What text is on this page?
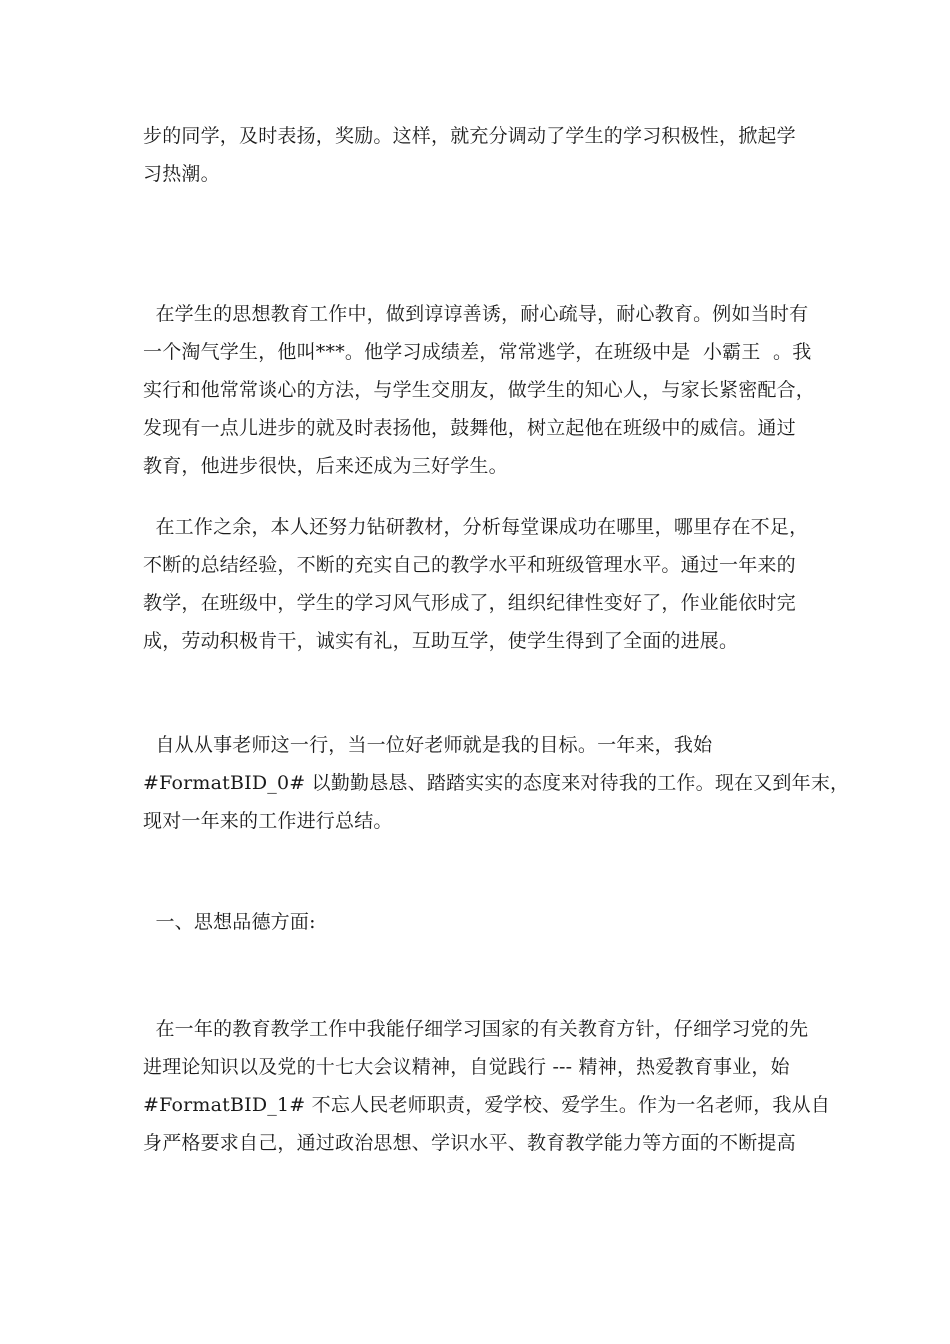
步的同学，及时表扬，奖励。这样，就充分调动了学生的学习积极性，掀起学
习热潮。
在学生的思想教育工作中，做到谆谆善诱，耐心疏导，耐心教育。例如当时有
一个淘气学生，他叫***。他学习成绩差，常常逃学，在班级中是  小霸王  。我
实行和他常常谈心的方法，与学生交朋友，做学生的知心人，与家长紧密配合，
发现有一点儿进步的就及时表扬他，鼓舞他，树立起他在班级中的威信。通过
教育，他进步很快，后来还成为三好学生。
在工作之余，本人还努力钻研教材，分析每堂课成功在哪里，哪里存在不足，
不断的总结经验，不断的充实自己的教学水平和班级管理水平。通过一年来的
教学，在班级中，学生的学习风气形成了，组织纪律性变好了，作业能依时完
成，劳动积极肯干，诚实有礼，互助互学，使学生得到了全面的进展。
自从从事老师这一行，当一位好老师就是我的目标。一年来，我始
#FormatBID_0# 以勤勤恳恳、踏踏实实的态度来对待我的工作。现在又到年末，
现对一年来的工作进行总结。
一、思想品德方面:
在一年的教育教学工作中我能仔细学习国家的有关教育方针，仔细学习党的先
进理论知识以及党的十七大会议精神，自觉践行 --- 精神，热爱教育事业，始
#FormatBID_1# 不忘人民老师职责，爱学校、爱学生。作为一名老师，我从自
身严格要求自己，通过政治思想、学识水平、教育教学能力等方面的不断提高
